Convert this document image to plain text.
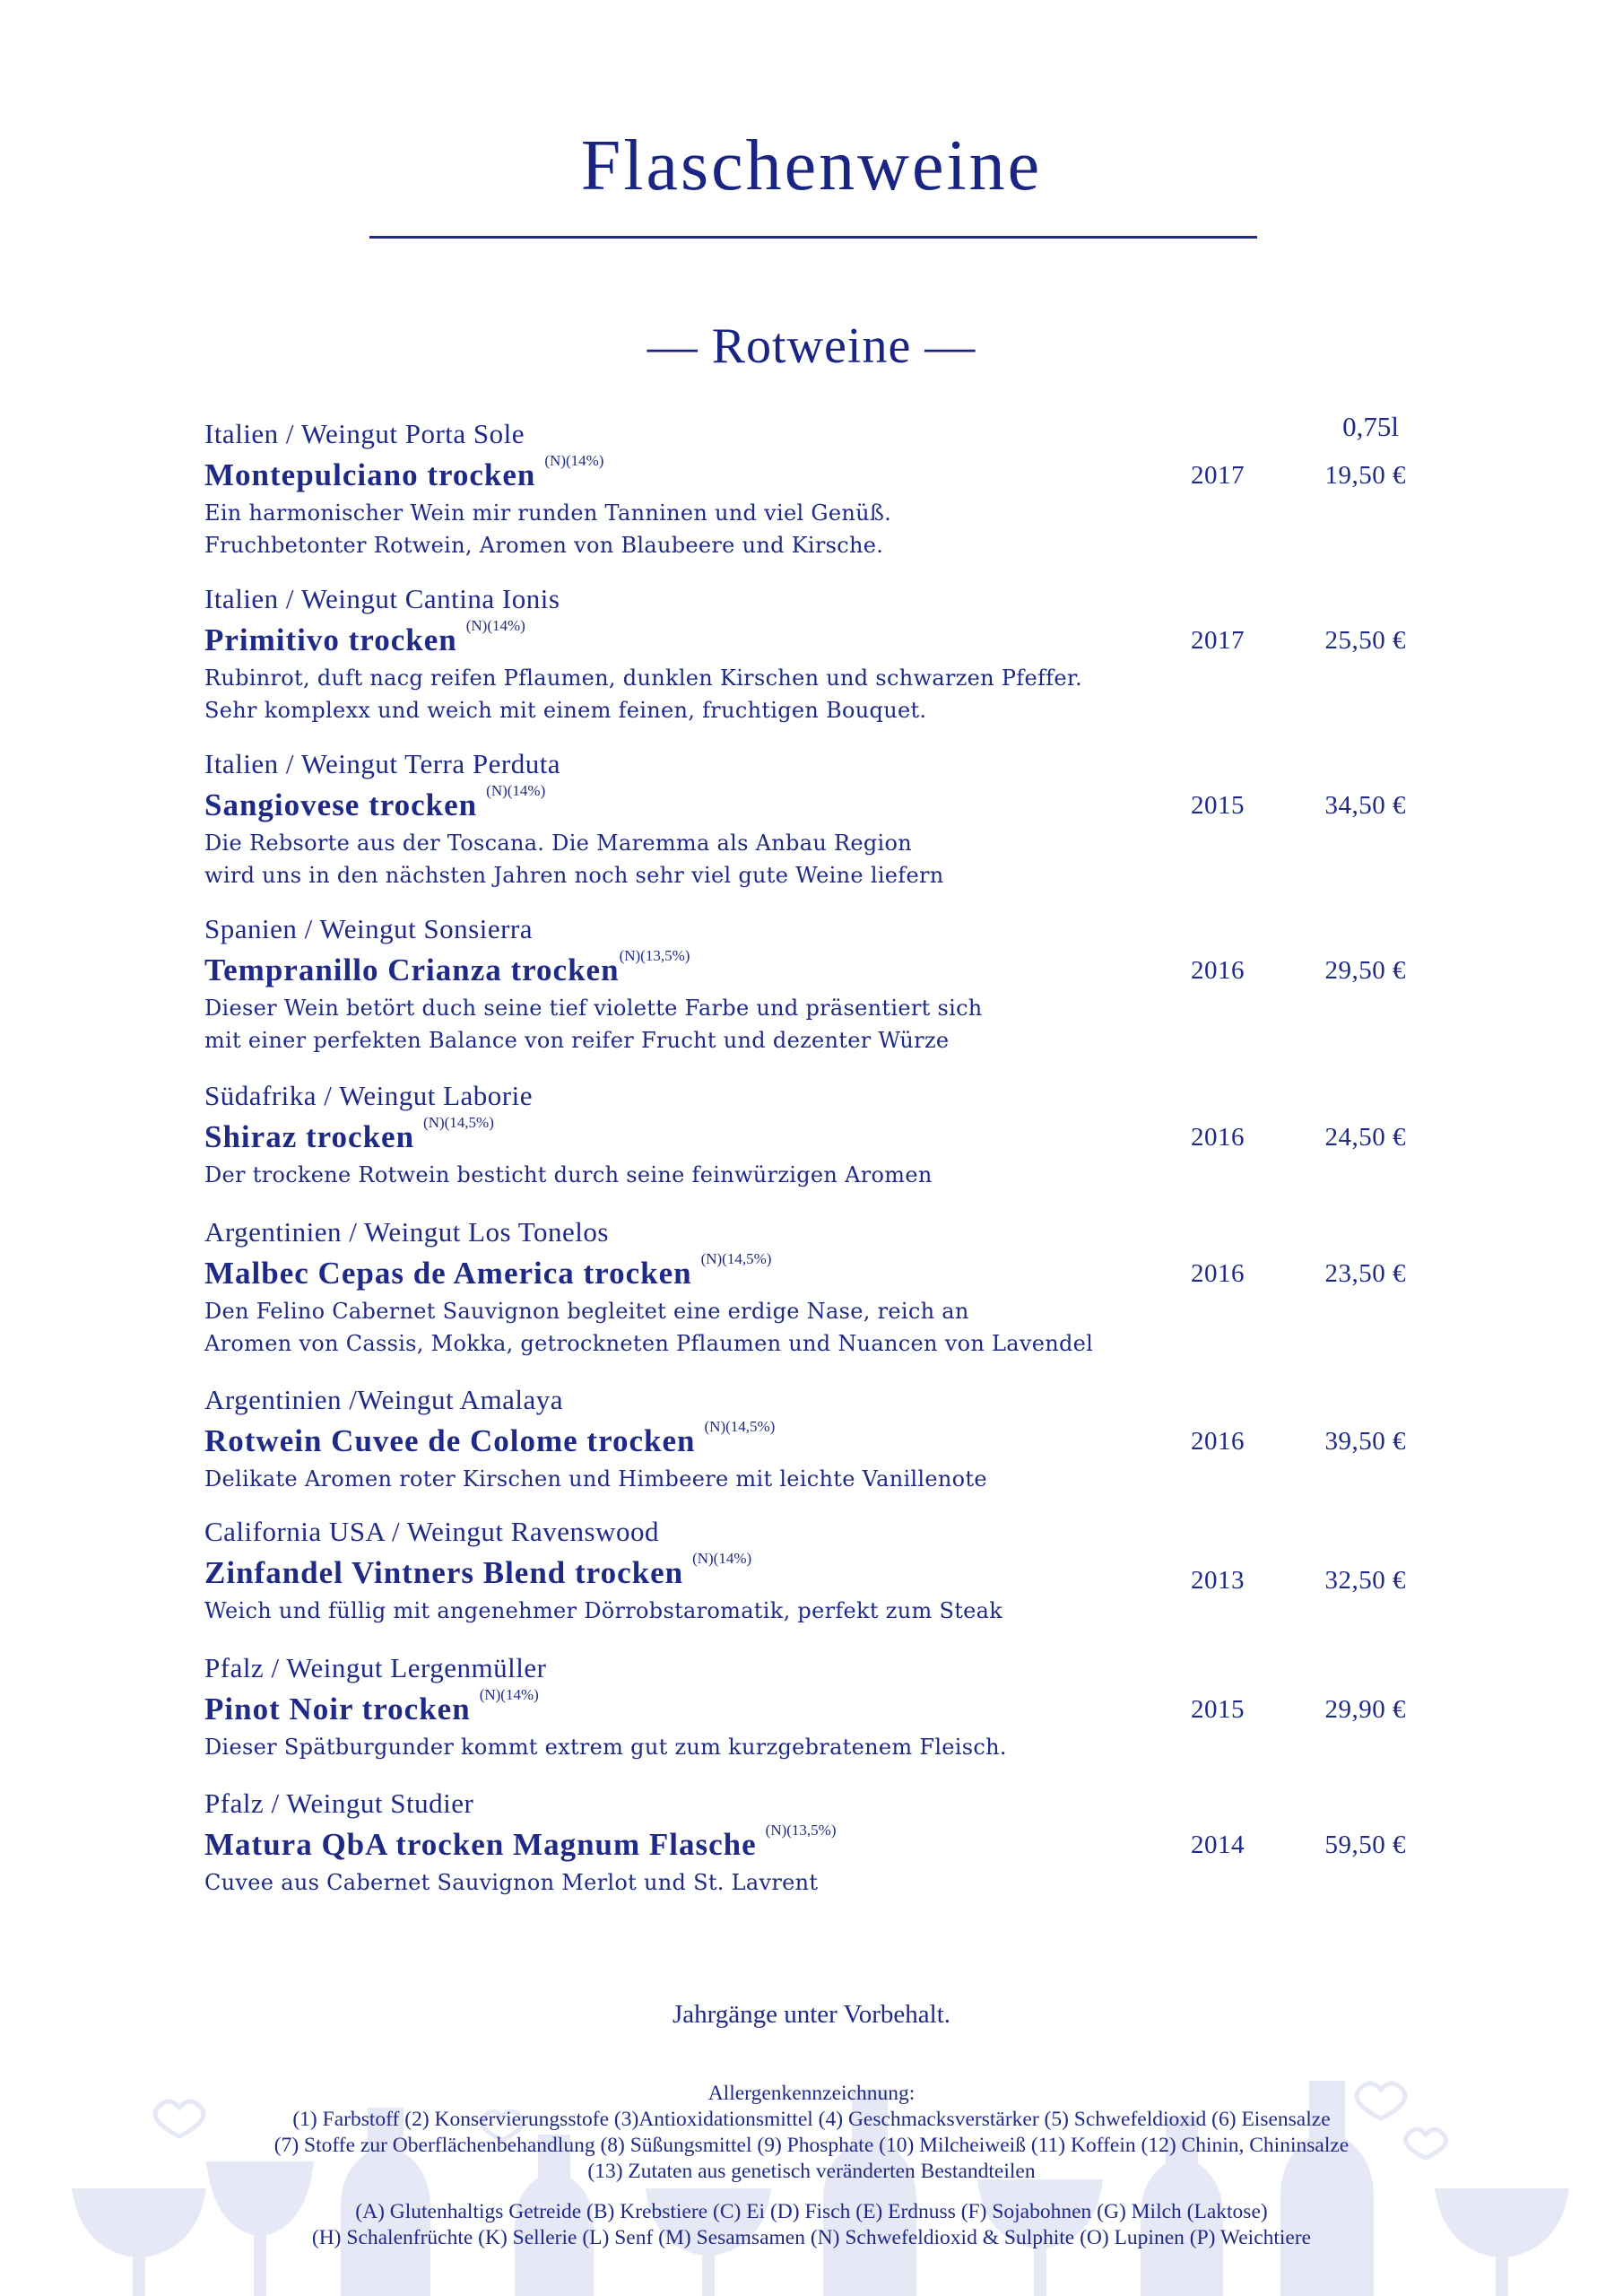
Flaschenweine
— Rotweine —
0,75l
Italien / Weingut Porta Sole
Montepulciano trocken $^{(N)(14\%)}$
Ein harmonischer Wein mir runden Tanninen und viel Genüß.
Fruchbetonter Rotwein, Aromen von Blaubeere und Kirsche.
2017	19,50 €
Italien / Weingut Cantina Ionis
Primitivo trocken $^{(N)(14\%)}$
Rubinrot, duft nacg reifen Pflaumen, dunklen Kirschen und schwarzen Pfeffer.
Sehr komplexx und weich mit einem feinen, fruchtigen Bouquet.
2017	25,50 €
Italien / Weingut Terra Perduta
Sangiovese trocken $^{(N)(14\%)}$
Die Rebsorte aus der Toscana. Die Maremma als Anbau Region
wird uns in den nächsten Jahren noch sehr viel gute Weine liefern
2015	34,50 €
Spanien / Weingut Sonsierra
Tempranillo Crianza trocken$^{(N)(13,5\%)}$
Dieser Wein betört duch seine tief violette Farbe und präsentiert sich
mit einer perfekten Balance von reifer Frucht und dezenter Würze
2016	29,50 €
Südafrika / Weingut Laborie
Shiraz trocken $^{(N)(14,5\%)}$
Der trockene Rotwein besticht durch seine feinwürzigen Aromen
2016	24,50 €
Argentinien / Weingut Los Tonelos
Malbec Cepas de America trocken $^{(N)(14,5\%)}$
Den Felino Cabernet Sauvignon begleitet eine erdige Nase, reich an
Aromen von Cassis, Mokka, getrockneten Pflaumen und Nuancen von Lavendel
2016	23,50 €
Argentinien /Weingut Amalaya
Rotwein Cuvee de Colome trocken $^{(N)(14,5\%)}$
Delikate Aromen roter Kirschen und Himbeere mit leichte Vanillenote
2016	39,50 €
California USA / Weingut Ravenswood
Zinfandel Vintners Blend trocken $^{(N)(14\%)}$
Weich und füllig mit angenehmer Dörrobstaromatik, perfekt zum Steak
2013	32,50 €
Pfalz / Weingut Lergenmüller
Pinot Noir trocken $^{(N)(14\%)}$
Dieser Spätburgunder kommt extrem gut zum kurzgebratenem Fleisch.
2015	29,90 €
Pfalz / Weingut Studier
Matura QbA trocken Magnum Flasche $^{(N)(13,5\%)}$
Cuvee aus Cabernet Sauvignon Merlot und St. Lavrent
2014	59,50 €
Jahrgänge unter Vorbehalt.
Allergenkennzeichnung:
(1) Farbstoff (2) Konservierungsstofe (3)Antioxidationsmittel (4) Geschmacksverstärker (5) Schwefeldioxid (6) Eisensalze
(7) Stoffe zur Oberflächenbehandlung (8) Süßungsmittel (9) Phosphate (10) Milcheiweiß (11) Koffein (12) Chinin, Chininsalze
(13) Zutaten aus genetisch veränderten Bestandteilen
(A) Glutenhaltigs Getreide (B) Krebstiere (C) Ei (D) Fisch (E) Erdnuss (F) Sojabohnen (G) Milch (Laktose)
(H) Schalenfrüchte (K) Sellerie (L) Senf (M) Sesamsamen (N) Schwefeldioxid & Sulphite (O) Lupinen (P) Weichtiere
